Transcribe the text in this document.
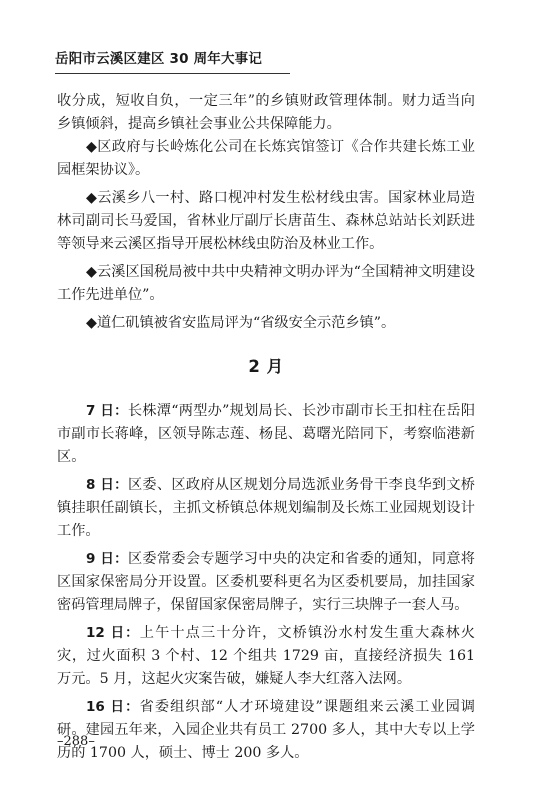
岳阳市云溪区建区 30 周年大事记

收分成，短收自负，一定三年”的乡镇财政管理体制。财力适当向乡镇倾斜，提高乡镇社会事业公共保障能力。

◆区政府与长岭炼化公司在长炼宾馆签订《合作共建长炼工业园框架协议》。

◆云溪乡八一村、路口枧冲村发生松材线虫害。国家林业局造林司副司长马爱国，省林业厅副厅长唐苗生、森林总站站长刘跃进等领导来云溪区指导开展松林线虫防治及林业工作。

◆云溪区国税局被中共中央精神文明办评为“全国精神文明建设工作先进单位”。

◆道仁矶镇被省安监局评为“省级安全示范乡镇”。

2 月

7 日：长株潭“两型办”规划局长、长沙市副市长王扣柱在岳阳市副市长蒋峰，区领导陈志莲、杨昆、葛曙光陪同下，考察临港新区。

8 日：区委、区政府从区规划分局选派业务骨干李良华到文桥镇挂职任副镇长，主抓文桥镇总体规划编制及长炼工业园规划设计工作。

9 日：区委常委会专题学习中央的决定和省委的通知，同意将区国家保密局分开设置。区委机要科更名为区委机要局，加挂国家密码管理局牌子，保留国家保密局牌子，实行三块牌子一套人马。

12 日：上午十点三十分许，文桥镇汾水村发生重大森林火灾，过火面积 3 个村、12 个组共 1729 亩，直接经济损失 161 万元。5 月，这起火灾案告破，嫌疑人李大红落入法网。

16 日：省委组织部“人才环境建设”课题组来云溪工业园调研。建园五年来，入园企业共有员工 2700 多人，其中大专以上学历的 1700 人，硕士、博士 200 多人。

–288–
